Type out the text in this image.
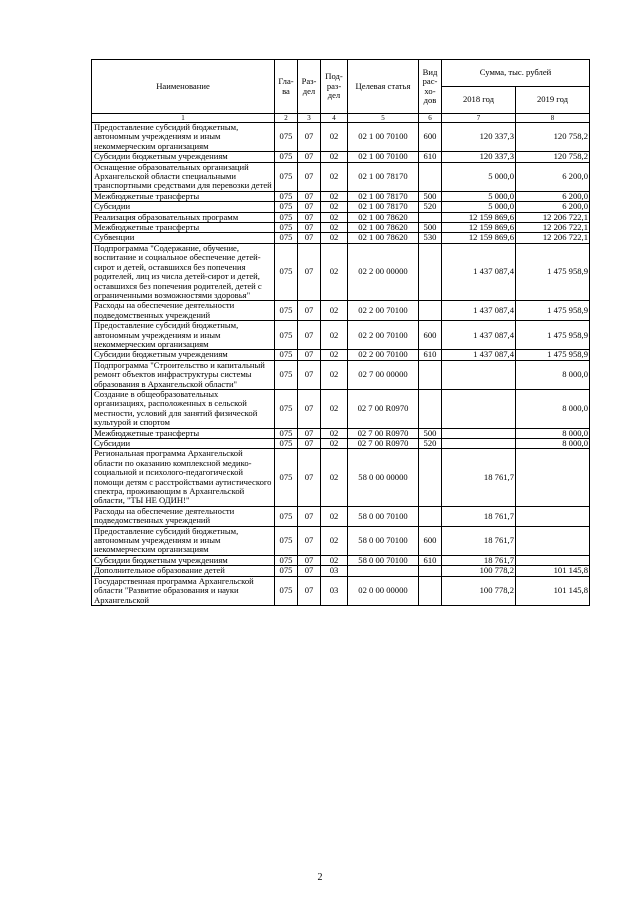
Наименование	Гла-ва	Раз-дел	Под-раз-дел	Целевая статья	Вид рас-хо-дов	Сумма, тыс. рублей	
						2018 год	2019 год
1	2	3	4	5	6	7	8
Предоставление субсидий бюджетным, автономным учреждениям и иным некоммерческим организациям	075	07	02	02 1 00 70100	600	120 337,3	120 758,2
Субсидии бюджетным учреждениям	075	07	02	02 1 00 70100	610	120 337,3	120 758,2
Оснащение образовательных организаций Архангельской области специальными транспортными средствами для перевозки детей	075	07	02	02 1 00 78170		5 000,0	6 200,0
Межбюджетные трансферты	075	07	02	02 1 00 78170	500	5 000,0	6 200,0
Субсидии	075	07	02	02 1 00 78170	520	5 000,0	6 200,0
Реализация образовательных программ	075	07	02	02 1 00 78620		12 159 869,6	12 206 722,1
Межбюджетные трансферты	075	07	02	02 1 00 78620	500	12 159 869,6	12 206 722,1
Субвенции	075	07	02	02 1 00 78620	530	12 159 869,6	12 206 722,1
Подпрограмма "Содержание, обучение, воспитание и социальное обеспечение детей-сирот и детей, оставшихся без попечения родителей, лиц из числа детей-сирот и детей, оставшихся без попечения родителей, детей с ограниченными возможностями здоровья"	075	07	02	02 2 00 00000		1 437 087,4	1 475 958,9
Расходы на обеспечение деятельности подведомственных учреждений	075	07	02	02 2 00 70100		1 437 087,4	1 475 958,9
Предоставление субсидий бюджетным, автономным учреждениям и иным некоммерческим организациям	075	07	02	02 2 00 70100	600	1 437 087,4	1 475 958,9
Субсидии бюджетным учреждениям	075	07	02	02 2 00 70100	610	1 437 087,4	1 475 958,9
Подпрограмма "Строительство и капитальный ремонт объектов инфраструктуры системы образования в Архангельской области"	075	07	02	02 7 00 00000			8 000,0
Создание в общеобразовательных организациях, расположенных в сельской местности, условий для занятий физической культурой и спортом	075	07	02	02 7 00 R0970			8 000,0
Межбюджетные трансферты	075	07	02	02 7 00 R0970	500		8 000,0
Субсидии	075	07	02	02 7 00 R0970	520		8 000,0
Региональная программа Архангельской области по оказанию комплексной медико-социальной и психолого-педагогической помощи детям с расстройствами аутистического спектра, проживающим в Архангельской области, "ТЫ НЕ ОДИН!"	075	07	02	58 0 00 00000		18 761,7	
Расходы на обеспечение деятельности подведомственных учреждений	075	07	02	58 0 00 70100		18 761,7	
Предоставление субсидий бюджетным, автономным учреждениям и иным некоммерческим организациям	075	07	02	58 0 00 70100	600	18 761,7	
Субсидии бюджетным учреждениям	075	07	02	58 0 00 70100	610	18 761,7	
Дополнительное образование детей	075	07	03			100 778,2	101 145,8
Государственная программа Архангельской области "Развитие образования и науки Архангельской	075	07	03	02 0 00 00000		100 778,2	101 145,8
2
